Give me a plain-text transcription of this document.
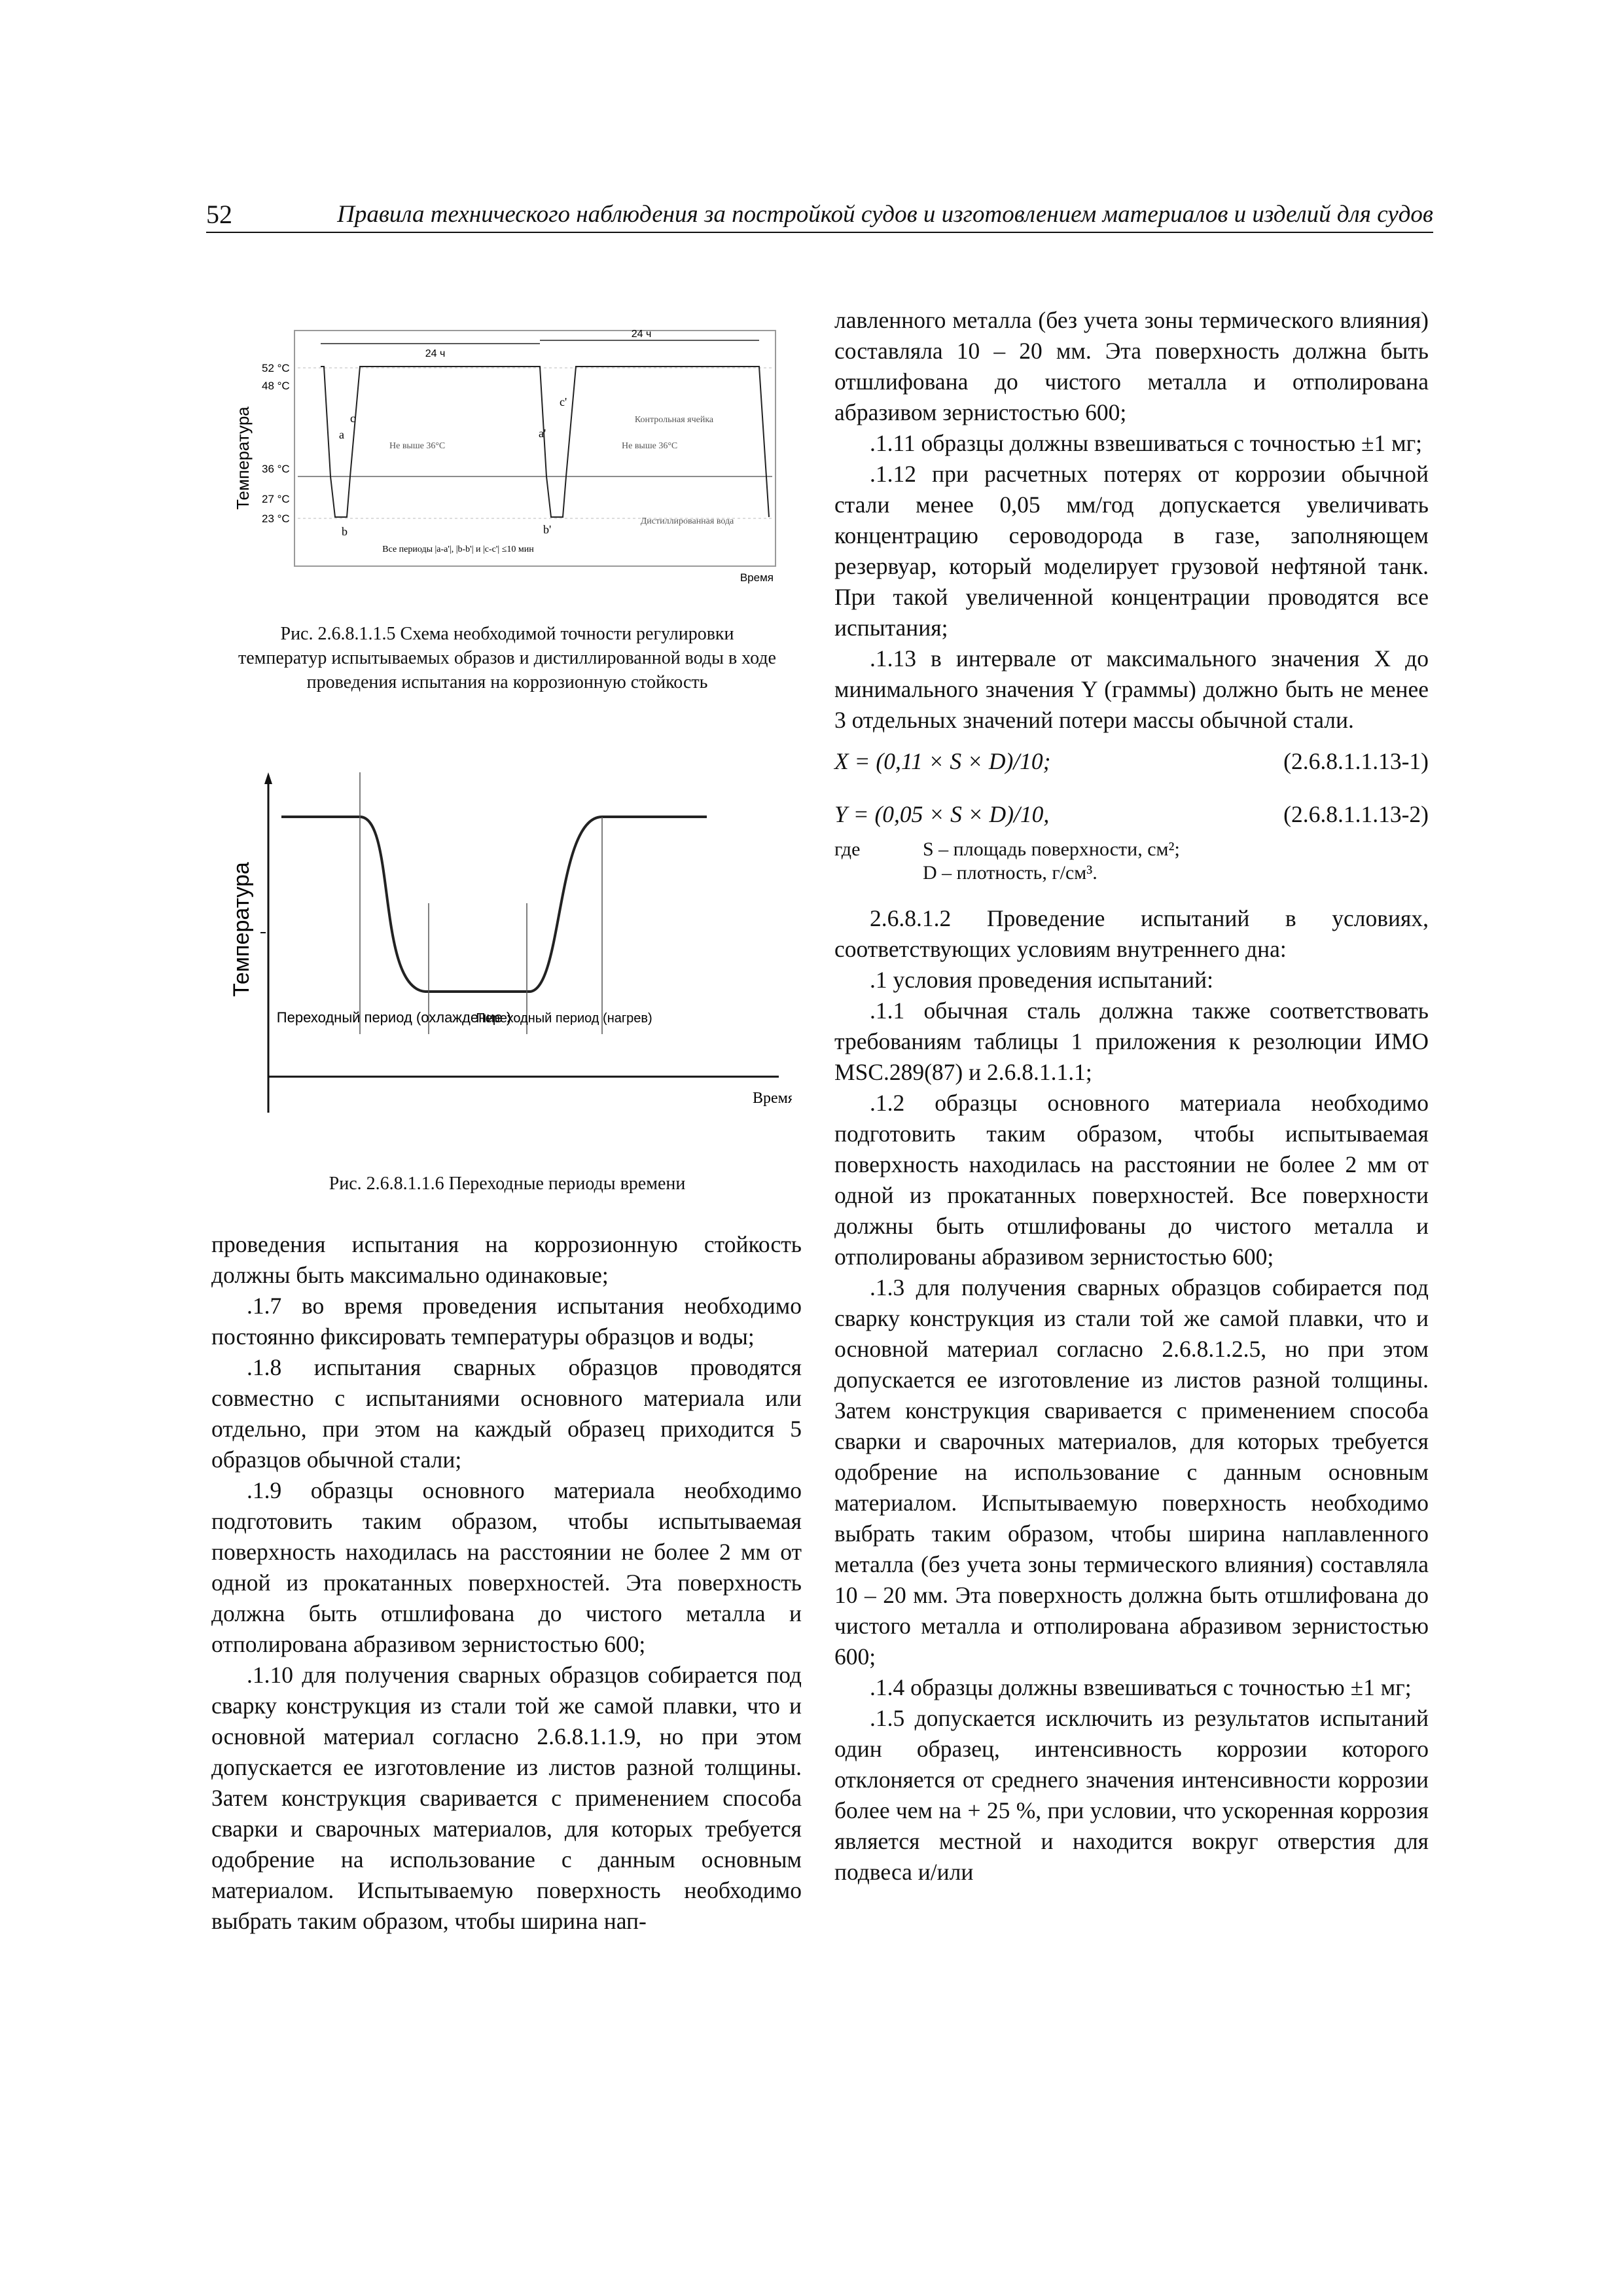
52	Правила технического наблюдения за постройкой судов и изготовлением материалов и изделий для судов
Температура
Время
52 °C
48 °C
36 °C
27 °C
23 °C
24 ч
24 ч
Не выше 36°C	Не выше 36°C
Контрольная ячейка
Дистиллированная вода
Все периоды |a-a'|, |b-b'| и |c-c'| ≤10 мин
c
a
b
c'
a'
b'
Рис. 2.6.8.1.1.5 Схема необходимой точности регулировки температур испытываемых образов и дистиллированной воды в ходе проведения испытания на коррозионную стойкость
Температура
Время
Переходный период (охлаждение )
Переходный период (нагрев)
Рис. 2.6.8.1.1.6 Переходные периоды времени

проведения испытания на коррозионную стойкость должны быть максимально одинаковые;

.1.7 во время проведения испытания необходимо постоянно фиксировать температуры образцов и воды;

.1.8 испытания сварных образцов проводятся совместно с испытаниями основного материала или отдельно, при этом на каждый образец приходится 5 образцов обычной стали;

.1.9 образцы основного материала необходимо подготовить таким образом, чтобы испытываемая поверхность находилась на расстоянии не более 2 мм от одной из прокатанных поверхностей. Эта поверхность должна быть отшлифована до чистого металла и отполирована абразивом зернистостью 600;

.1.10 для получения сварных образцов собирается под сварку конструкция из стали той же самой плавки, что и основной материал согласно 2.6.8.1.1.9, но при этом допускается ее изготовление из листов разной толщины. Затем конструкция сваривается с применением способа сварки и сварочных материалов, для которых требуется одобрение на использование с данным основным материалом. Испытываемую поверхность необходимо выбрать таким образом, чтобы ширина нап-

лавленного металла (без учета зоны термического влияния) составляла 10 – 20 мм. Эта поверхность должна быть отшлифована до чистого металла и отполирована абразивом зернистостью 600;

.1.11 образцы должны взвешиваться с точностью ±1 мг;

.1.12 при расчетных потерях от коррозии обычной стали менее 0,05 мм/год допускается увеличивать концентрацию сероводорода в газе, заполняющем резервуар, который моделирует грузовой нефтяной танк. При такой увеличенной концентрации проводятся все испытания;

.1.13 в интервале от максимального значения X до минимального значения Y (граммы) должно быть не менее 3 отдельных значений потери массы обычной стали.

X = (0,11 × S × D)/10;	(2.6.8.1.1.13-1)
Y = (0,05 × S × D)/10,	(2.6.8.1.1.13-2)
где	S – площадь поверхности, см²;
D – плотность, г/см³.

2.6.8.1.2 Проведение испытаний в условиях, соответствующих условиям внутреннего дна:

.1 условия проведения испытаний:

.1.1 обычная сталь должна также соответствовать требованиям таблицы 1 приложения к резолюции ИМО MSC.289(87) и 2.6.8.1.1.1;

.1.2 образцы основного материала необходимо подготовить таким образом, чтобы испытываемая поверхность находилась на расстоянии не более 2 мм от одной из прокатанных поверхностей. Все поверхности должны быть отшлифованы до чистого металла и отполированы абразивом зернистостью 600;

.1.3 для получения сварных образцов собирается под сварку конструкция из стали той же самой плавки, что и основной материал согласно 2.6.8.1.2.5, но при этом допускается ее изготовление из листов разной толщины. Затем конструкция сваривается с применением способа сварки и сварочных материалов, для которых требуется одобрение на использование с данным основным материалом. Испытываемую поверхность необходимо выбрать таким образом, чтобы ширина наплавленного металла (без учета зоны термического влияния) составляла 10 – 20 мм. Эта поверхность должна быть отшлифована до чистого металла и отполирована абразивом зернистостью 600;

.1.4 образцы должны взвешиваться с точностью ±1 мг;

.1.5 допускается исключить из результатов испытаний один образец, интенсивность коррозии которого отклоняется от среднего значения интенсивности коррозии более чем на + 25 %, при условии, что ускоренная коррозия является местной и находится вокруг отверстия для подвеса и/или
